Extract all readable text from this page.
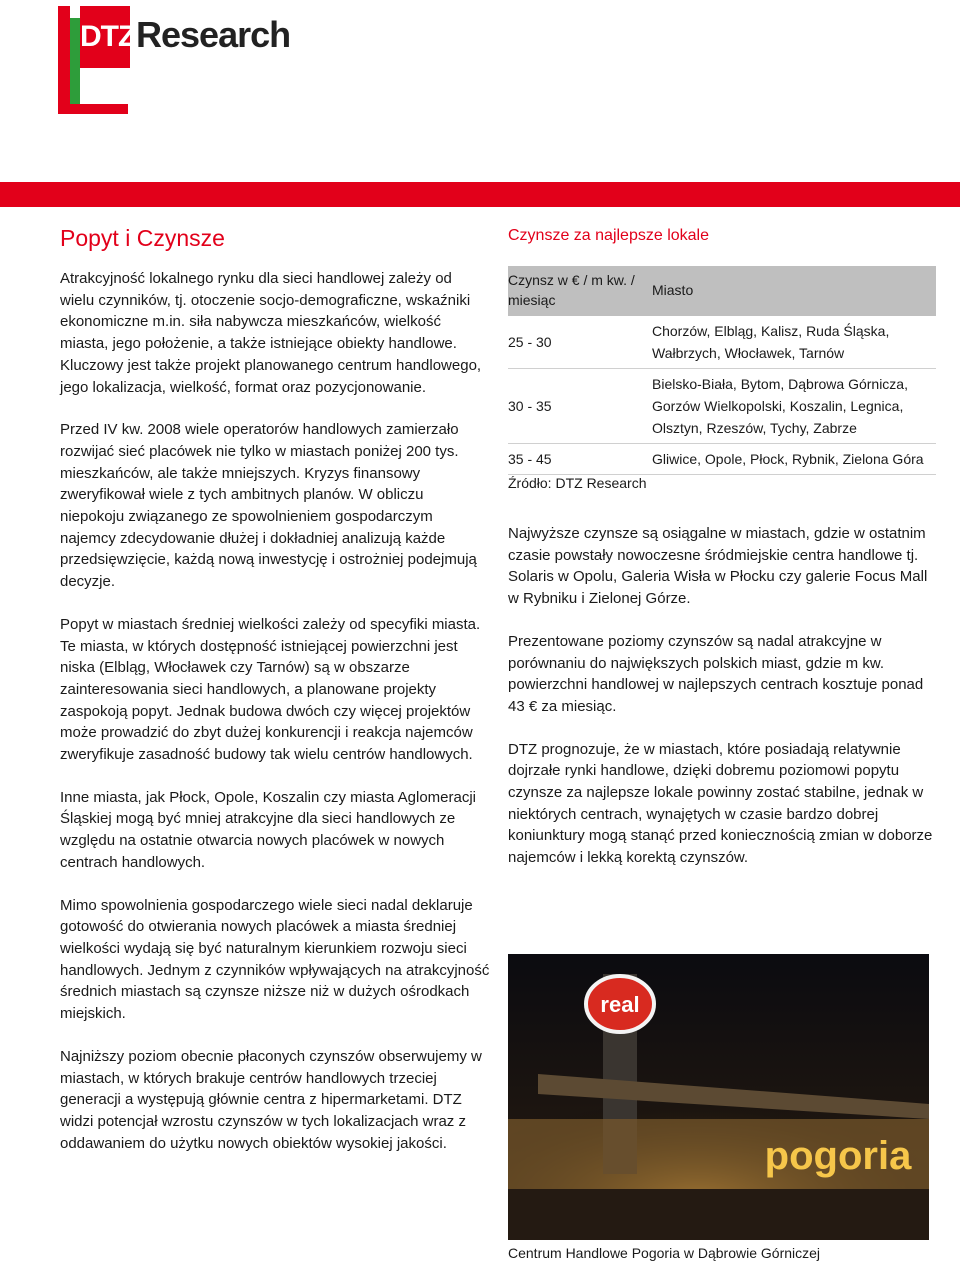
DTZ Research
Popyt i Czynsze

Atrakcyjność lokalnego rynku dla sieci handlowej zależy od wielu czynników, tj. otoczenie socjo-demograficzne, wskaźniki ekonomiczne m.in. siła nabywcza mieszkańców, wielkość miasta, jego położenie, a także istniejące obiekty handlowe. Kluczowy jest także projekt planowanego centrum handlowego, jego lokalizacja, wielkość, format oraz pozycjonowanie.

Przed IV kw. 2008 wiele operatorów handlowych zamierzało rozwijać sieć placówek nie tylko w miastach poniżej 200 tys. mieszkańców, ale także mniejszych. Kryzys finansowy zweryfikował wiele z tych ambitnych planów. W obliczu niepokoju związanego ze spowolnieniem gospodarczym najemcy zdecydowanie dłużej i dokładniej analizują każde przedsięwzięcie, każdą nową inwestycję i ostrożniej podejmują decyzje.

Popyt w miastach średniej wielkości zależy od specyfiki miasta. Te miasta, w których dostępność istniejącej powierzchni jest niska (Elbląg, Włocławek czy Tarnów) są w obszarze zainteresowania sieci handlowych, a planowane projekty zaspokoją popyt. Jednak budowa dwóch czy więcej projektów może prowadzić do zbyt dużej konkurencji i reakcja najemców zweryfikuje zasadność budowy tak wielu centrów handlowych.

Inne miasta, jak Płock, Opole, Koszalin czy miasta Aglomeracji Śląskiej mogą być mniej atrakcyjne dla sieci handlowych ze względu na ostatnie otwarcia nowych placówek w nowych centrach handlowych.

Mimo spowolnienia gospodarczego wiele sieci nadal deklaruje gotowość do otwierania nowych placówek a miasta średniej wielkości wydają się być naturalnym kierunkiem rozwoju sieci handlowych. Jednym z czynników wpływających na atrakcyjność średnich miastach są czynsze niższe niż w dużych ośrodkach miejskich.

Najniższy poziom obecnie płaconych czynszów obserwujemy w miastach, w których brakuje centrów handlowych trzeciej generacji a występują głównie centra z hipermarketami. DTZ widzi potencjał wzrostu czynszów w tych lokalizacjach wraz z oddawaniem do użytku nowych obiektów wysokiej jakości.

Czynsze za najlepsze lokale
Czynsz w € / m kw. / miesiąc	Miasto
25 - 30	Chorzów, Elbląg, Kalisz, Ruda Śląska, Wałbrzych, Włocławek, Tarnów
30 - 35	Bielsko-Biała, Bytom, Dąbrowa Górnicza, Gorzów Wielkopolski, Koszalin, Legnica, Olsztyn, Rzeszów, Tychy, Zabrze
35 - 45	Gliwice, Opole, Płock, Rybnik, Zielona Góra
Źródło: DTZ Research

Najwyższe czynsze są osiągalne w miastach, gdzie w ostatnim czasie powstały nowoczesne śródmiejskie centra handlowe tj. Solaris w Opolu, Galeria Wisła w Płocku czy galerie Focus Mall w Rybniku i Zielonej Górze.

Prezentowane poziomy czynszów są nadal atrakcyjne w porównaniu do największych polskich miast, gdzie m kw. powierzchni handlowej w najlepszych centrach kosztuje ponad 43 € za miesiąc.

DTZ prognozuje, że w miastach, które posiadają relatywnie dojrzałe rynki handlowe, dzięki dobremu poziomowi popytu czynsze za najlepsze lokale powinny zostać stabilne, jednak w niektórych centrach, wynajętych w czasie bardzo dobrej koniunktury mogą stanąć przed koniecznością zmian w doborze najemców i lekką korektą czynszów.

real
pogoria
Centrum Handlowe Pogoria w Dąbrowie Górniczej
